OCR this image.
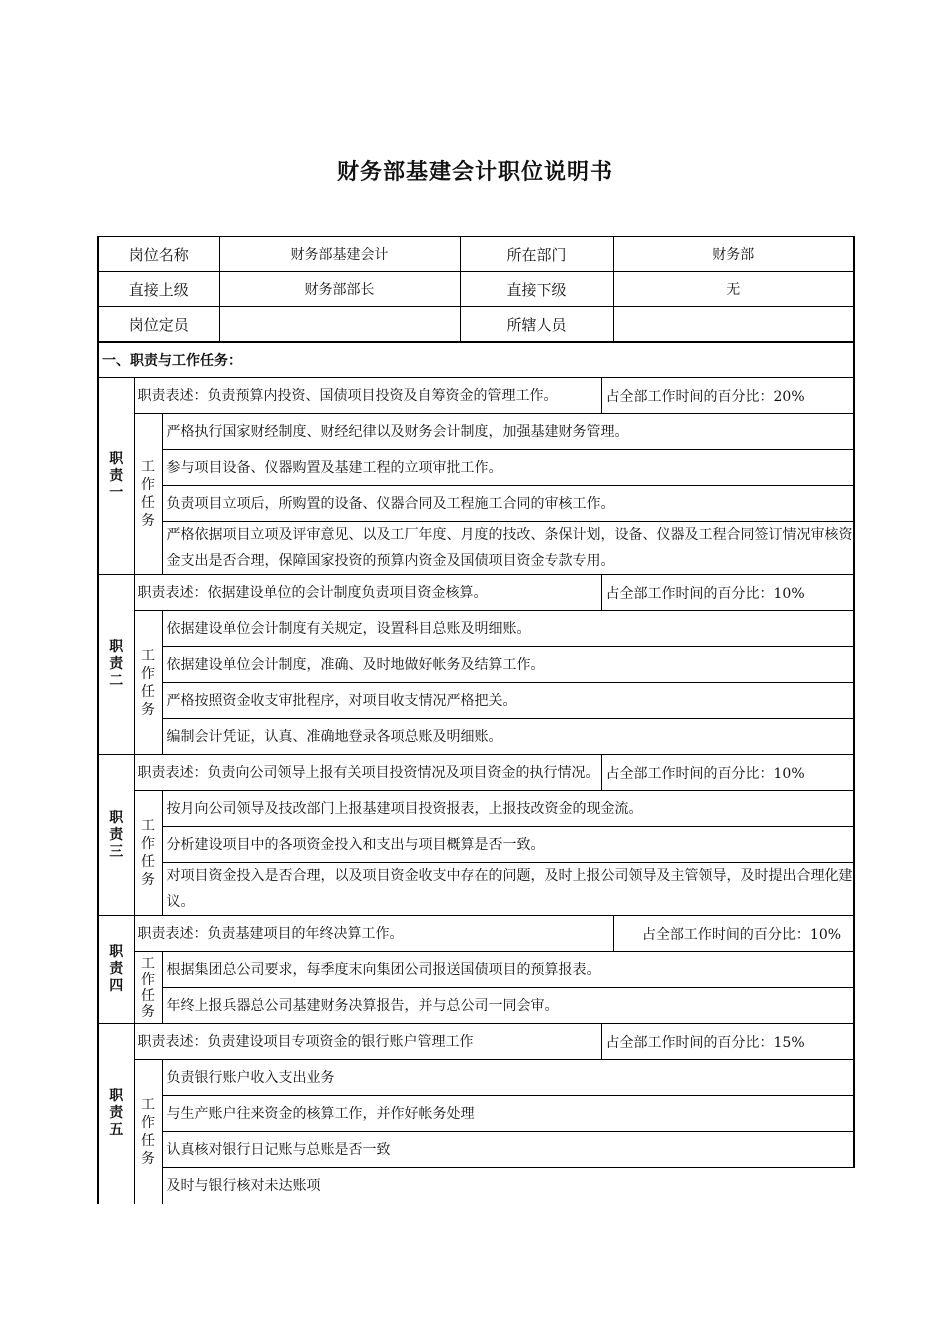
财务部基建会计职位说明书
岗位名称			财务部基建会计	所在部门		财务部
直接上级			财务部部长	直接下级		无
岗位定员				所辖人员		
一、职责与工作任务：						
职责一	职责表述：负责预算内投资、国债项目投资及自筹资金的管理工作。				占全部工作时间的百分比：20%	
	工作任务	严格执行国家财经制度、财经纪律以及财务会计制度，加强基建财务管理。				
		参与项目设备、仪器购置及基建工程的立项审批工作。				
		负责项目立项后，所购置的设备、仪器合同及工程施工合同的审核工作。				
		严格依据项目立项及评审意见、以及工厂年度、月度的技改、条保计划，设备、仪器及工程合同签订情况审核资金支出是否合理，保障国家投资的预算内资金及国债项目资金专款专用。				
职责二	职责表述：依据建设单位的会计制度负责项目资金核算。				占全部工作时间的百分比：10%	
	工作任务	依据建设单位会计制度有关规定，设置科目总账及明细账。				
		依据建设单位会计制度，准确、及时地做好帐务及结算工作。				
		严格按照资金收支审批程序，对项目收支情况严格把关。				
		编制会计凭证，认真、准确地登录各项总账及明细账。				
职责三	职责表述：负责向公司领导上报有关项目投资情况及项目资金的执行情况。				占全部工作时间的百分比：10%	
	工作任务	按月向公司领导及技改部门上报基建项目投资报表，上报技改资金的现金流。				
		分析建设项目中的各项资金投入和支出与项目概算是否一致。				
		对项目资金投入是否合理，以及项目资金收支中存在的问题，及时上报公司领导及主管领导，及时提出合理化建议。				
职责四	职责表述：负责基建项目的年终决算工作。					占全部工作时间的百分比：10%
	工作任务	根据集团总公司要求，每季度末向集团公司报送国债项目的预算报表。				
		年终上报兵器总公司基建财务决算报告，并与总公司一同会审。				
职责五	职责表述：负责建设项目专项资金的银行账户管理工作				占全部工作时间的百分比：15%	
	工作任务	负责银行账户收入支出业务				
		与生产账户往来资金的核算工作，并作好帐务处理				
		认真核对银行日记账与总账是否一致				
		及时与银行核对未达账项				
